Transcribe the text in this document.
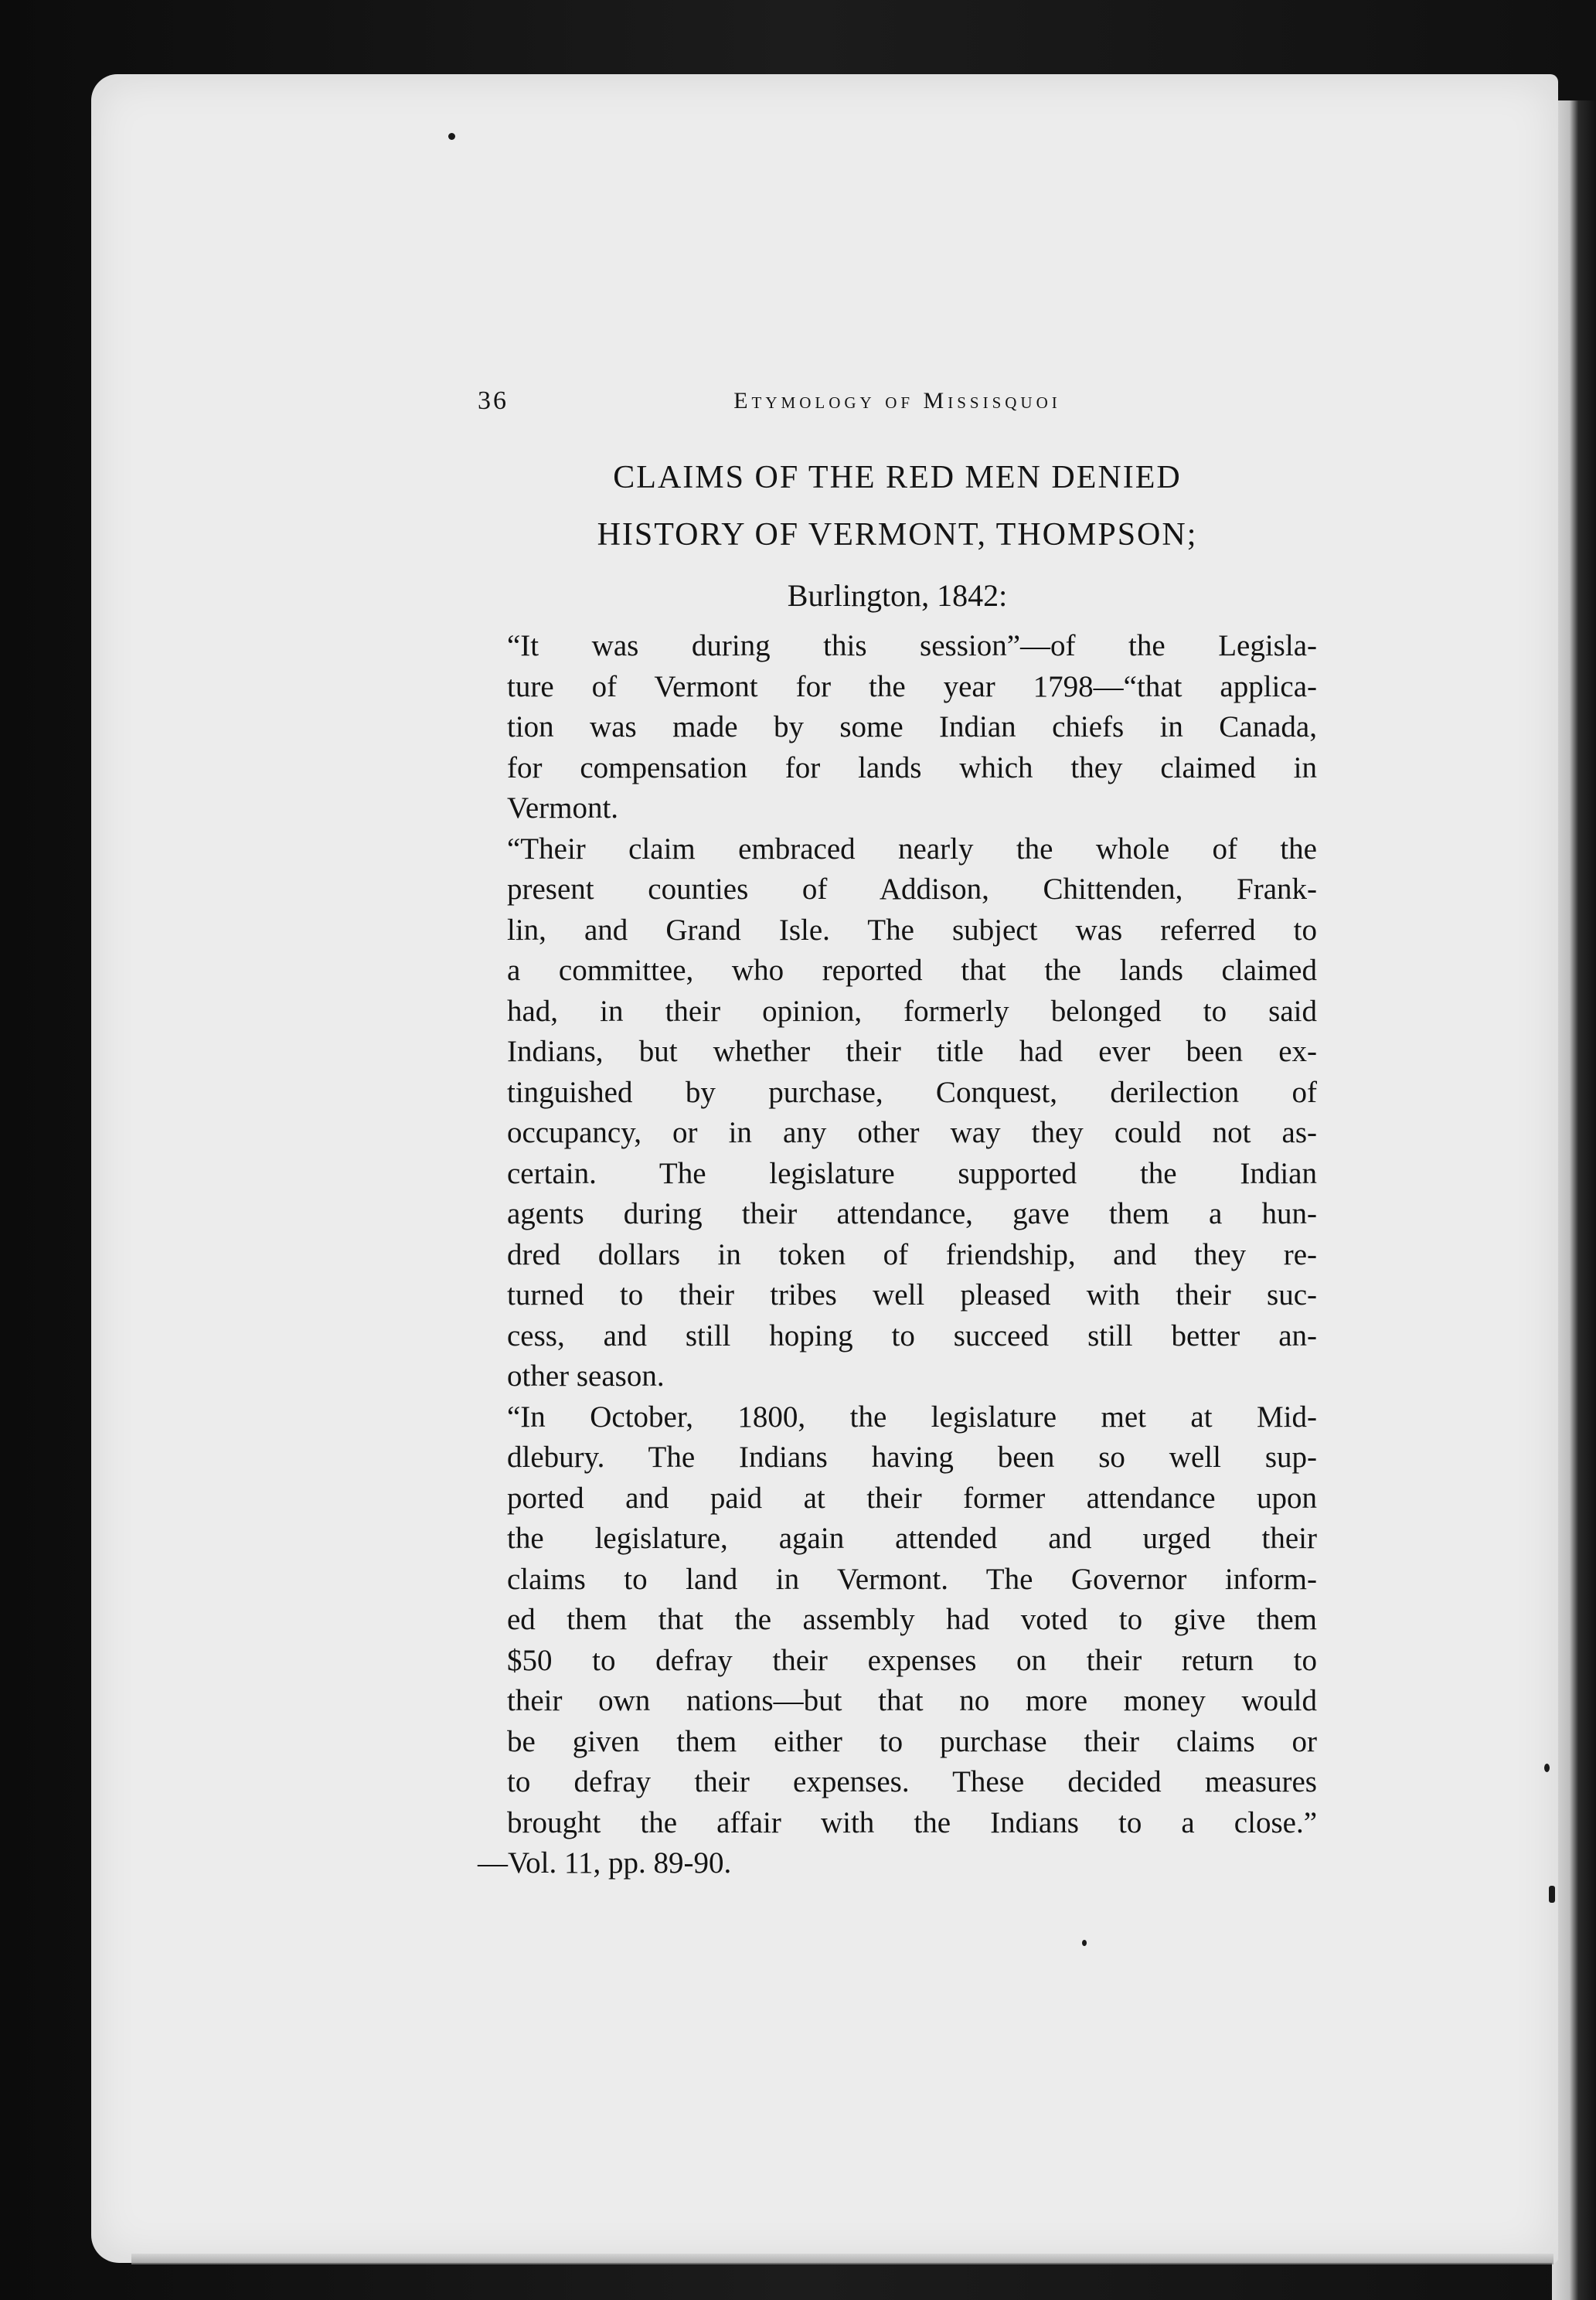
36	Etymology of Missisquoi
CLAIMS OF THE RED MEN DENIED
HISTORY OF VERMONT, THOMPSON;
Burlington, 1842:

“It was during this session”—of the Legisla-
ture of Vermont for the year 1798—“that applica-
tion was made by some Indian chiefs in Canada,
for compensation for lands which they claimed in
Vermont.

“Their claim embraced nearly the whole of the
present counties of Addison, Chittenden, Frank-
lin, and Grand Isle. The subject was referred to
a committee, who reported that the lands claimed
had, in their opinion, formerly belonged to said
Indians, but whether their title had ever been ex-
tinguished by purchase, Conquest, derilection of
occupancy, or in any other way they could not as-
certain. The legislature supported the Indian
agents during their attendance, gave them a hun-
dred dollars in token of friendship, and they re-
turned to their tribes well pleased with their suc-
cess, and still hoping to succeed still better an-
other season.

“In October, 1800, the legislature met at Mid-
dlebury. The Indians having been so well sup-
ported and paid at their former attendance upon
the legislature, again attended and urged their
claims to land in Vermont. The Governor inform-
ed them that the assembly had voted to give them
$50 to defray their expenses on their return to
their own nations—but that no more money would
be given them either to purchase their claims or
to defray their expenses. These decided measures
brought the affair with the Indians to a close.”
—Vol. 11, pp. 89-90.
